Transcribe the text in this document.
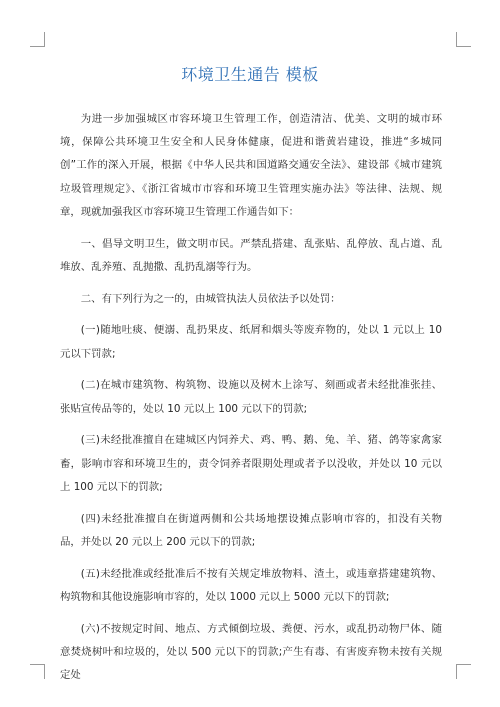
环境卫生通告 模板

为进一步加强城区市容环境卫生管理工作，创造清洁、优美、文明的城市环境，保障公共环境卫生安全和人民身体健康，促进和谐黄岩建设，推进“多城同创”工作的深入开展，根据《中华人民共和国道路交通安全法》、建设部《城市建筑垃圾管理规定》、《浙江省城市市容和环境卫生管理实施办法》等法律、法规、规章，现就加强我区市容环境卫生管理工作通告如下：

一、倡导文明卫生，做文明市民。严禁乱搭建、乱张贴、乱停放、乱占道、乱堆放、乱养殖、乱抛撒、乱扔乱溺等行为。

二、有下列行为之一的，由城管执法人员依法予以处罚：

(一)随地吐痰、便溺、乱扔果皮、纸屑和烟头等废弃物的，处以 1 元以上 10 元以下罚款;

(二)在城市建筑物、构筑物、设施以及树木上涂写、刻画或者未经批准张挂、张贴宣传品等的，处以 10 元以上 100 元以下的罚款;

(三)未经批准擅自在建城区内饲养犬、鸡、鸭、鹅、兔、羊、猪、鸽等家禽家畜，影响市容和环境卫生的，责令饲养者限期处理或者予以没收，并处以 10 元以上 100 元以下的罚款;

(四)未经批准擅自在街道两侧和公共场地摆设摊点影响市容的，扣没有关物品，并处以 20 元以上 200 元以下的罚款;

(五)未经批准或经批准后不按有关规定堆放物料、渣土，或违章搭建建筑物、构筑物和其他设施影响市容的，处以 1000 元以上 5000 元以下的罚款;

(六)不按规定时间、地点、方式倾倒垃圾、粪便、污水，或乱扔动物尸体、随意焚烧树叶和垃圾的，处以 500 元以下的罚款;产生有毒、有害废弃物未按有关规定处
